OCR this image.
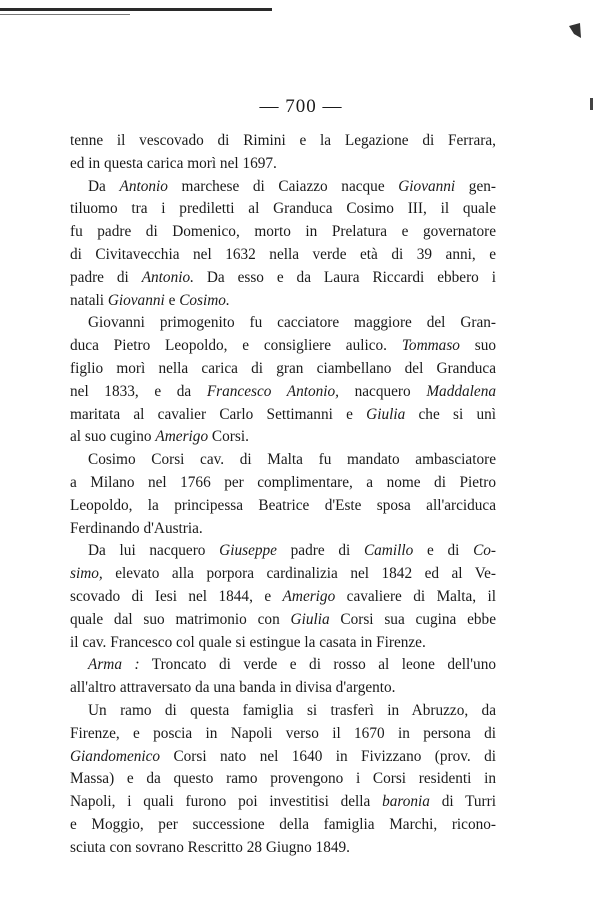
— 700 —
tenne il vescovado di Rimini e la Legazione di Ferrara,
ed in questa carica morì nel 1697.
Da Antonio marchese di Caiazzo nacque Giovanni gen-
tiluomo tra i prediletti al Granduca Cosimo III, il quale
fu padre di Domenico, morto in Prelatura e governatore
di Civitavecchia nel 1632 nella verde età di 39 anni, e
padre di Antonio. Da esso e da Laura Riccardi ebbero i
natali Giovanni e Cosimo.
Giovanni primogenito fu cacciatore maggiore del Gran-
duca Pietro Leopoldo, e consigliere aulico. Tommaso suo
figlio morì nella carica di gran ciambellano del Granduca
nel 1833, e da Francesco Antonio, nacquero Maddalena
maritata al cavalier Carlo Settimanni e Giulia che si unì
al suo cugino Amerigo Corsi.
Cosimo Corsi cav. di Malta fu mandato ambasciatore
a Milano nel 1766 per complimentare, a nome di Pietro
Leopoldo, la principessa Beatrice d'Este sposa all'arciduca
Ferdinando d'Austria.
Da lui nacquero Giuseppe padre di Camillo e di Co-
simo, elevato alla porpora cardinalizia nel 1842 ed al Ve-
scovado di Iesi nel 1844, e Amerigo cavaliere di Malta, il
quale dal suo matrimonio con Giulia Corsi sua cugina ebbe
il cav. Francesco col quale si estingue la casata in Firenze.
Arma : Troncato di verde e di rosso al leone dell'uno
all'altro attraversato da una banda in divisa d'argento.
Un ramo di questa famiglia si trasferì in Abruzzo, da
Firenze, e poscia in Napoli verso il 1670 in persona di
Giandomenico Corsi nato nel 1640 in Fivizzano (prov. di
Massa) e da questo ramo provengono i Corsi residenti in
Napoli, i quali furono poi investitisi della baronia di Turri
e Moggio, per successione della famiglia Marchi, ricono-
sciuta con sovrano Rescritto 28 Giugno 1849.
